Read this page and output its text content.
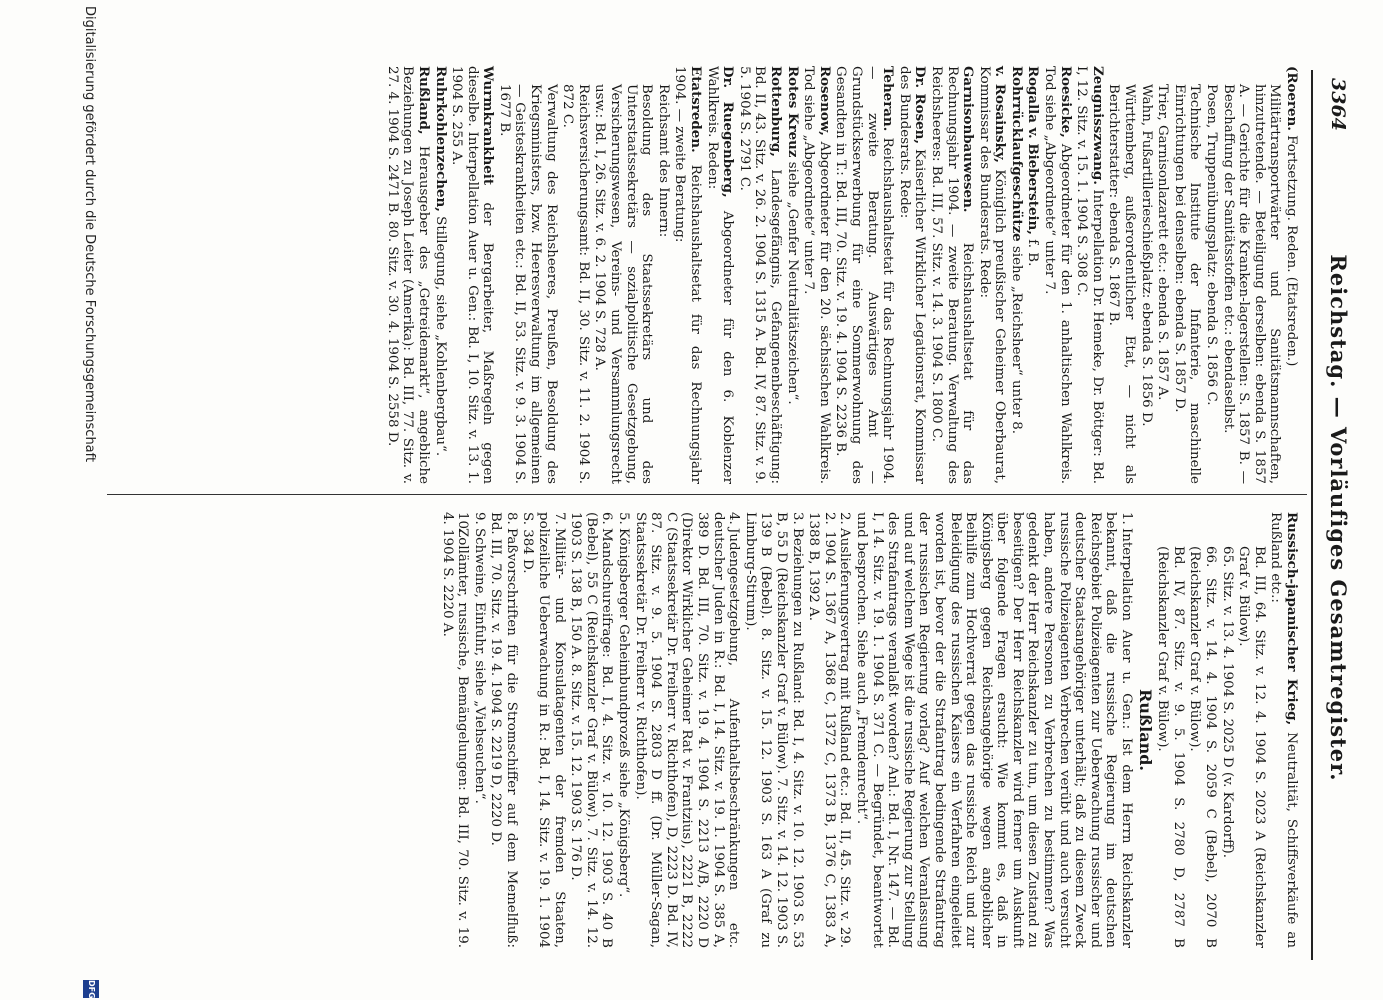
3364
Reichstag. — Vorläufiges Gesamtregister.
(Roeren. Fortsetzung. Reden. (Etatsreden.)
Militärtransportwärter und Sanitätsmannschaften, hinzutretende. — Beteiligung derselben: ebenda S. 1857 A. — Gerichte für die Kranken-lagerstellen: S. 1857 B. — Beschaffung der Sanitätsstoffen etc.: ebendaselbst.
Posen, Truppenübungsplatz: ebenda S. 1856 C.
Technische Institute der Infanterie, maschinelle Einrichtungen bei denselben: ebenda S. 1857 D.
Trier, Garnisonlazarett etc.: ebenda S. 1857 A.
Wahn, Fußartillerieschießplatz: ebenda S. 1856 D.
Württemberg, außerordentlicher Etat, — nicht als Berichterstatter: ebenda S. 1867 B.
Zeugnisszwang. Interpellation Dr. Hemeke, Dr. Böttger: Bd. I, 12. Sitz. v. 15. 1. 1904 S. 308 C.
Roesicke, Abgeordneter für den 1. anhaltischen Wahlkreis. Tod siehe „Abgeordnete“ unter 7.
Rogalla v. Bieberstein, f. B.
Rohrrücklaufgeschütze siehe „Reichsheer“ unter 8.
v. Rosainsky, Königlich preußischer Geheimer Oberbaurat, Kommissar des Bundesrats. Rede:
Garnisonbauwesen. Reichshaushaltsetat für das Rechnungsjahr 1904. — zweite Beratung. Verwaltung des Reichsheeres: Bd. III, 57. Sitz. v. 14. 3. 1904 S. 1800 C.
Dr. Rosen, Kaiserlicher Wirklicher Legationsrat, Kommissar des Bundesrats. Rede:
Teheran. Reichshaushaltsetat für das Rechnungsjahr 1904. — zweite Beratung. Auswärtiges Amt — Grundstückserwerbung für eine Sommerwohnung des Gesandten in T.: Bd. III, 70. Sitz. v. 19. 4. 1904 S. 2236 B.
Rosenow, Abgeordneter für den 20. sächsischen Wahlkreis. Tod siehe „Abgeordnete“ unter 7.
Rotes Kreuz siehe „Genfer Neutralitätszeichen“.
Rottenburg, Landesgefängnis, Gefangenenbeschäftigung: Bd. II, 43. Sitz. v. 26. 2. 1904 S. 1315 A. Bd. IV, 87. Sitz. v. 9. 5. 1904 S. 2791 C.
Dr. Ruegenberg, Abgeordneter für den 6. Koblenzer Wahlkreis. Reden:
Etatsreden. Reichshaushaltsetat für das Rechnungsjahr 1904. — zweite Beratung:
Reichsamt des Innern:
Besoldung des Staatssekretärs und des Unterstaatssekretärs — sozialpolitische Gesetzgebung, Versicherungswesen, Vereins- und Versammlungsrecht usw.: Bd. I, 26. Sitz. v. 6. 2. 1904 S. 728 A.
Reichsversicherungsamt: Bd. II, 30. Sitz. v. 11. 2. 1904 S. 872 C.
Verwaltung des Reichsheeres, Preußen, Besoldung des Kriegsministers, bzw. Heeresverwaltung im allgemeinen — Geisteskrankheiten etc.: Bd. II, 53. Sitz. v. 9. 3. 1904 S. 1677 B.
Wurmkrankheit der Bergarbeiter, Maßregeln gegen dieselbe. Interpellation Auer u. Gen.: Bd. I, 10. Sitz. v. 13. 1. 1904 S. 255 A.
Ruhrkohlenzechen, Stillegung, siehe „Kohlenbergbau“.
Rußland, Herausgeber des „Getreidemarkt“, angebliche Beziehungen zu Joseph Leiter (Amerika): Bd. III, 77. Sitz. v. 27. 4. 1904 S. 2471 B. 80. Sitz. v. 30. 4. 1904 S. 2558 D.
Russisch-japanischer Krieg, Neutralität, Schiffsverkäufe an Rußland etc.:
Bd. III, 64. Sitz. v. 12. 4. 1904 S. 2023 A (Reichskanzler Graf v. Bülow).
65. Sitz. v. 13. 4. 1904 S. 2025 D (v. Kardorff).
66. Sitz. v. 14. 4. 1904 S. 2059 C (Bebel), 2070 B (Reichskanzler Graf v. Bülow).
Bd. IV, 87. Sitz. v. 9. 5. 1904 S. 2780 D, 2787 B (Reichskanzler Graf v. Bülow).
Rußland.
1.Interpellation Auer u. Gen.: Ist dem Herrn Reichskanzler bekannt, daß die russische Regierung im deutschen Reichsgebiet Polizeiagenten zur Ueberwachung russischer und deutscher Staatsangehöriger unterhält; daß zu diesem Zweck russische Polizeiagenten Verbrechen verübt und auch versucht haben, andere Personen zu Verbrechen zu bestimmen? Was gedenkt der Herr Reichskanzler zu tun, um diesen Zustand zu beseitigen? Der Herr Reichskanzler wird ferner um Auskunft über folgende Fragen ersucht: Wie kommt es, daß in Königsberg gegen Reichsangehörige wegen angeblicher Beihilfe zum Hochverrat gegen das russische Reich und zur Beleidigung des russischen Kaisers ein Verfahren eingeleitet worden ist, bevor der die Strafantrag bedingende Strafantrag der russischen Regierung vorlag? Auf welchen Veranlassung und auf welchem Wege ist die russische Regierung zur Stellung des Strafantrags veranlaßt worden? Anl.: Bd. I, Nr. 147. — Bd. I, 14. Sitz. v. 19. 1. 1904 S. 371 C. — Begründet, beantwortet und besprochen. Siehe auch „Fremdenrecht“.
2.Auslieferungsvertrag mit Rußland etc.: Bd. II, 45. Sitz. v. 29. 2. 1904 S. 1367 A, 1368 C, 1372 C, 1373 B, 1376 C, 1383 A, 1388 B, 1392 A.
3.Beziehungen zu Rußland: Bd. I, 4. Sitz. v. 10. 12. 1903 S. 53 B, 55 D (Reichskanzler Graf v. Bülow). 7. Sitz. v. 14. 12. 1903 S. 139 B (Bebel). 8. Sitz. v. 15. 12. 1903 S. 163 A (Graf zu Limburg-Stirum).
4.Judengesetzgebung, Aufenthaltsbeschränkungen etc. deutscher Juden in R.: Bd. I, 14. Sitz. v. 19. 1. 1904 S. 385 A, 389 D. Bd. III, 70. Sitz. v. 19. 4. 1904 S. 2213 A/B, 2220 D (Direktor Wirklicher Geheimer Rat v. Frantzius), 2221 B, 2222 C (Staatssekretär Dr. Freiherr v. Richthofen), D, 2223 D. Bd. IV, 87. Sitz. v. 9. 5. 1904 S. 2803 D ff. (Dr. Müller-Sagan, Staatssekretär Dr. Freiherr v. Richthofen).
5.Königsberger Geheimbundprozeß siehe „Königsberg“.
6.Mandschureifrage: Bd. I, 4. Sitz. v. 10. 12. 1903 S. 40 B (Bebel), 55 C (Reichskanzler Graf v. Bülow). 7. Sitz. v. 14. 12. 1903 S. 138 B, 150 A. 8. Sitz. v. 15. 12. 1903 S. 176 D.
7.Militär- und Konsulatagenten der fremden Staaten, polizeiliche Ueberwachung in R.: Bd. I, 14. Sitz. v. 19. 1. 1904 S. 384 D.
8.Paßvorschriften für die Stromschiffer auf dem Memelfluß: Bd. III, 70. Sitz. v. 19. 4. 1904 S. 2219 D, 2220 D.
9.Schweine, Einfuhr, siehe „Viehseuchen“.
10.Zollämter, russische, Bemängelungen: Bd. III, 70. Sitz. v. 19. 4. 1904 S. 2220 A.
Digitalisierung gefördert durch die Deutsche Forschungsgemeinschaft
DFG
